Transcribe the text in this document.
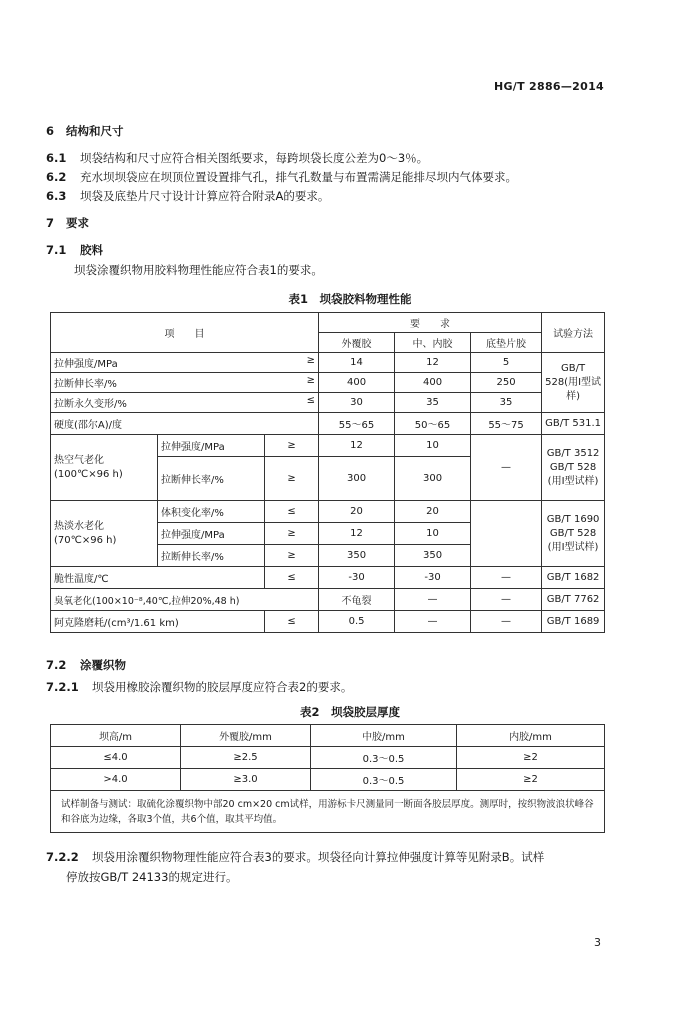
HG/T 2886—2014
6 结构和尺寸
6.1 坝袋结构和尺寸应符合相关图纸要求，每跨坝袋长度公差为0～3％。
6.2 充水坝坝袋应在坝顶位置设置排气孔，排气孔数量与布置需满足能排尽坝内气体要求。
6.3 坝袋及底垫片尺寸设计计算应符合附录A的要求。
7 要求
7.1 胶料
坝袋涂覆织物用胶料物理性能应符合表1的要求。
表1　坝袋胶料物理性能
项　　目			要　　求			试验方法
			外覆胶	中、内胶	底垫片胶	
拉伸强度/MPa ≥			14	12	5	GB/T 528(用Ⅰ型试样)
拉断伸长率/% ≥			400	400	250	
拉断永久变形/% ≤			30	35	35	
硬度(邵尔A)/度			55～65	50～65	55～75	GB/T 531.1
热空气老化
(100℃×96 h)	拉伸强度/MPa	≥	12	10	—	GB/T 3512 GB/T 528 (用Ⅰ型试样)
	拉断伸长率/%	≥	300	300		
热淡水老化
(70℃×96 h)	体积变化率/%	≤	20	20		GB/T 1690 GB/T 528 (用Ⅰ型试样)
	拉伸强度/MPa	≥	12	10		
	拉断伸长率/%	≥	350	350		
脆性温度/℃		≤	-30	-30	—	GB/T 1682
臭氧老化(100×10⁻⁸,40℃,拉伸20%,48 h)			不龟裂	—	—	GB/T 7762
阿克隆磨耗/(cm³/1.61 km)		≤	0.5	—	—	GB/T 1689
7.2 涂覆织物
7.2.1 坝袋用橡胶涂覆织物的胶层厚度应符合表2的要求。
表2　坝袋胶层厚度
坝高/m	外覆胶/mm	中胶/mm	内胶/mm
≤4.0	≥2.5	0.3～0.5	≥2
>4.0	≥3.0	0.3～0.5	≥2
试样制备与测试：取硫化涂覆织物中部20 cm×20 cm试样，用游标卡尺测量同一断面各胶层厚度。测厚时，按织物波浪状峰谷和谷底为边缘，各取3个值，共6个值，取其平均值。			
7.2.2 坝袋用涂覆织物物理性能应符合表3的要求。坝袋径向计算拉伸强度计算等见附录B。试样
停放按GB/T 24133的规定进行。
3
